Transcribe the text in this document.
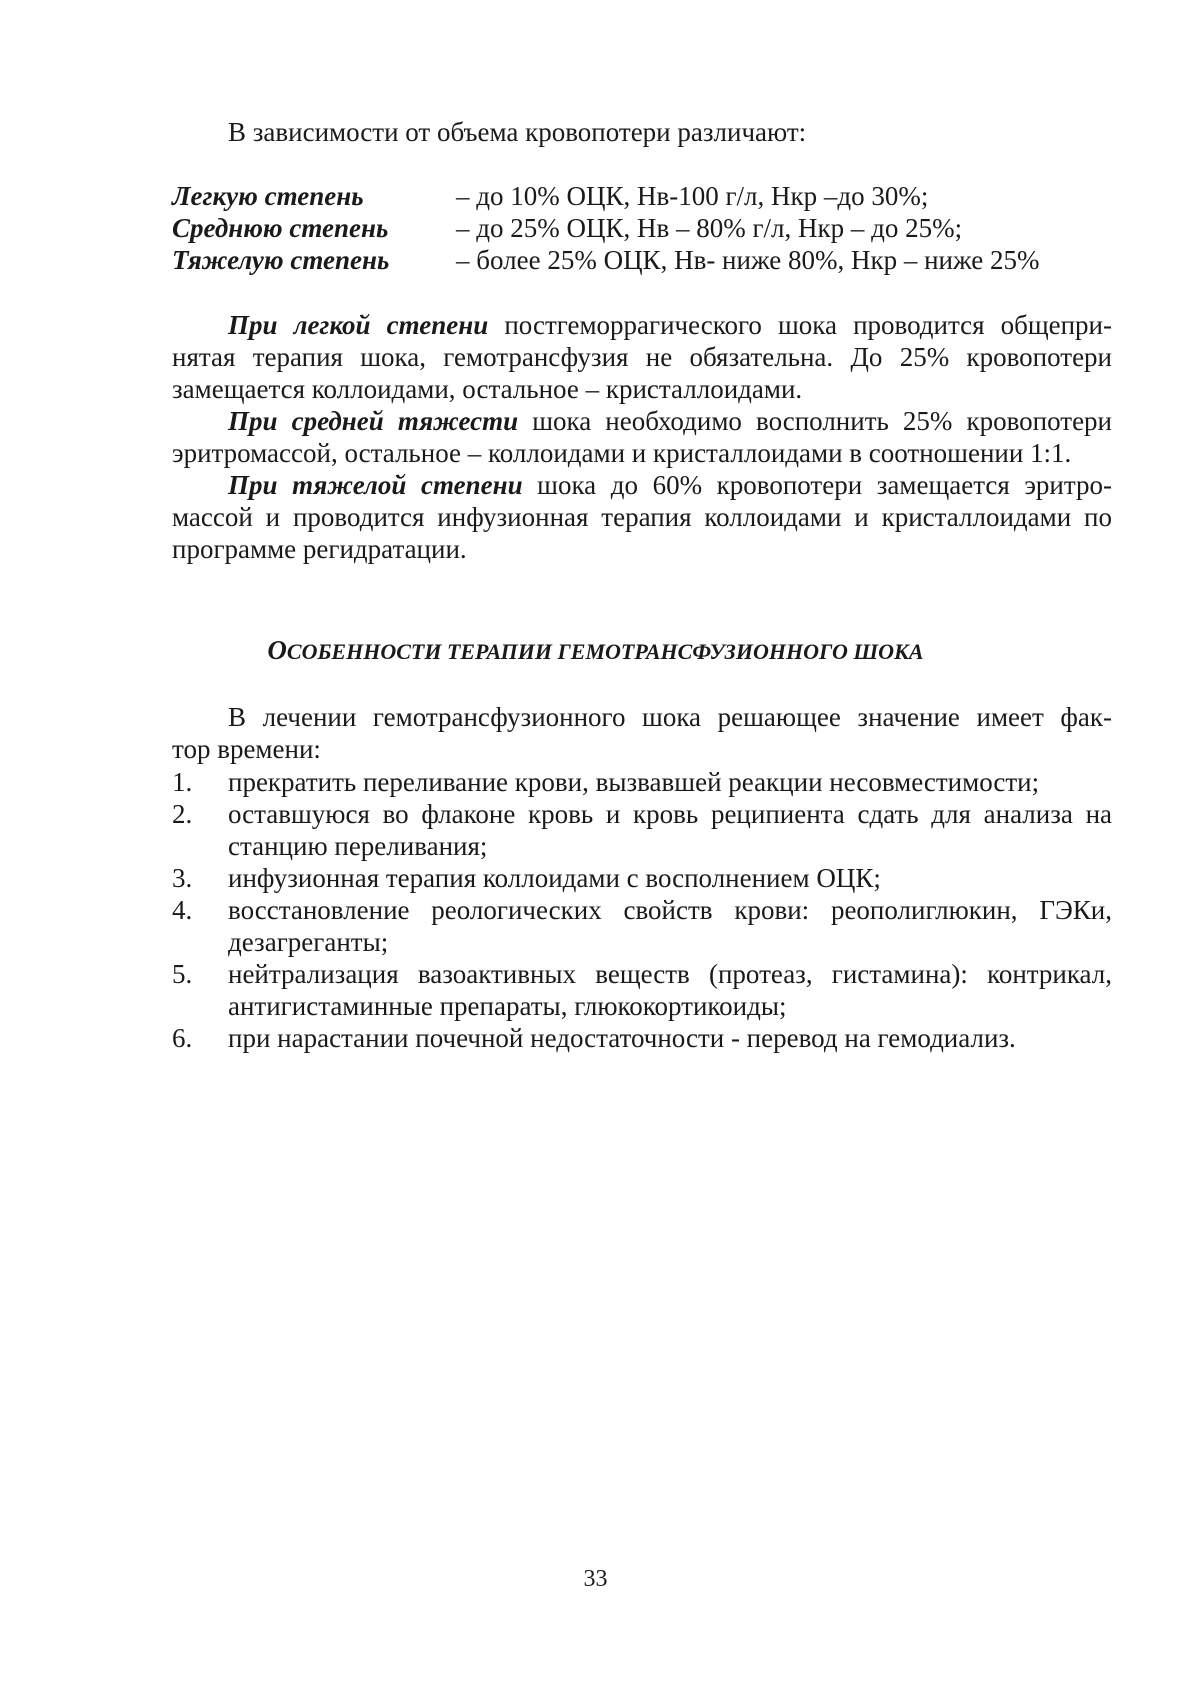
В зависимости от объема кровопотери различают:
Легкую степень	– до 10% ОЦК, Нв-100 г/л, Нкр –до 30%;
Среднюю степень	– до 25% ОЦК, Нв – 80% г/л, Нкр – до 25%;
Тяжелую степень – более 25% ОЦК, Нв- ниже 80%, Нкр – ниже 25%
При легкой степени постгеморрагического шока проводится общепри-
нятая терапия шока, гемотрансфузия не обязательна. До 25% кровопотери
замещается коллоидами, остальное – кристаллоидами.
При средней тяжести шока необходимо восполнить 25% кровопотери
эритромассой, остальное – коллоидами и кристаллоидами в соотношении 1:1.
При тяжелой степени шока до 60% кровопотери замещается эритро-
массой и проводится инфузионная терапия коллоидами и кристаллоидами по
программе регидратации.
ОСОБЕННОСТИ ТЕРАПИИ ГЕМОТРАНСФУЗИОННОГО ШОКА
В лечении гемотрансфузионного шока решающее значение имеет фак-
тор времени:
1. прекратить переливание крови, вызвавшей реакции несовместимости;
2. оставшуюся во флаконе кровь и кровь реципиента сдать для анализа на
станцию переливания;
3. инфузионная терапия коллоидами с восполнением ОЦК;
4. восстановление реологических свойств крови: реополиглюкин, ГЭКи,
дезагреганты;
5. нейтрализация вазоактивных веществ (протеаз, гистамина): контрикал,
антигистаминные препараты, глюкокортикоиды;
6. при нарастании почечной недостаточности - перевод на гемодиализ.
33
